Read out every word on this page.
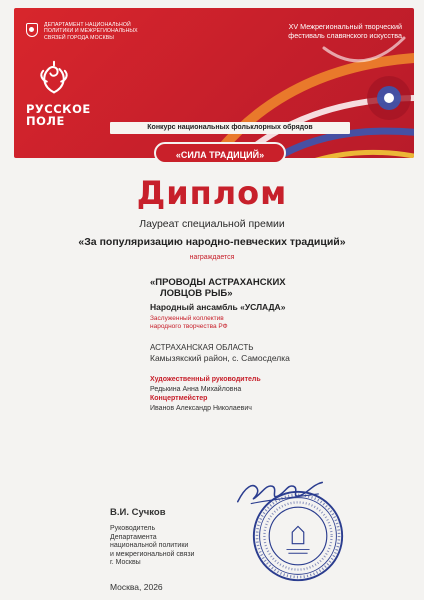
ДЕПАРТАМЕНТ НАЦИОНАЛЬНОЙ ПОЛИТИКИ И МЕЖРЕГИОНАЛЬНЫХ СВЯЗЕЙ ГОРОДА МОСКВЫ
XV Межрегиональный творческий фестиваль славянского искусства
РУССКОЕ
ПОЛЕ	Конкурс национальных фольклорных обрядов
«СИЛА ТРАДИЦИЙ»
Диплом
Лауреат специальной премии
«За популяризацию народно-певческих традиций»
награждается
«ПРОВОДЫ АСТРАХАНСКИХ
ЛОВЦОВ РЫБ»
Народный ансамбль «УСЛАДА»
Заслуженный коллектив
народного творчества РФ
АСТРАХАНСКАЯ ОБЛАСТЬ
Камызякский район, с. Самосделка
Художественный руководитель
Редькина Анна Михайловна
Концертмейстер
Иванов Александр Николаевич
В.И. Сучков
Руководитель
Департамента
национальной политики
и межрегиональной связи
г. Москвы
Москва, 2026
